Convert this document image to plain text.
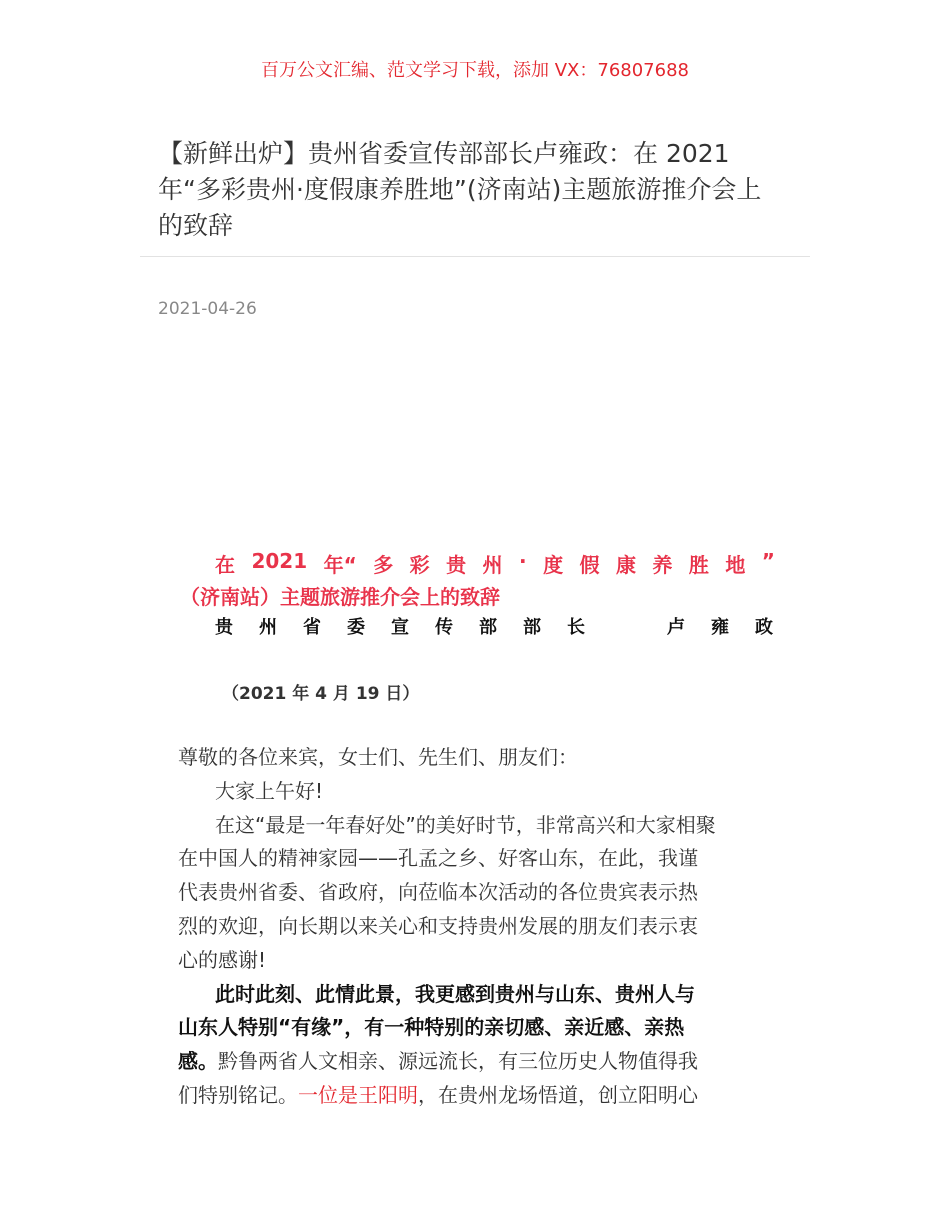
百万公文汇编、范文学习下载，添加 VX：76807688
【新鲜出炉】贵州省委宣传部部长卢雍政：在 2021
年“多彩贵州·度假康养胜地”(济南站)主题旅游推介会上
的致辞
2021-04-26
在 2021 年“ 多 彩 贵 州 · 度 假 康 养 胜 地 ”
（济南站）主题旅游推介会上的致辞
贵 州 省 委 宣 传 部 部 长	卢 雍 政
（2021 年 4 月 19 日）
尊敬的各位来宾，女士们、先生们、朋友们：
大家上午好!
在这“最是一年春好处”的美好时节，非常高兴和大家相聚
在中国人的精神家园——孔孟之乡、好客山东，在此，我谨
代表贵州省委、省政府，向莅临本次活动的各位贵宾表示热
烈的欢迎，向长期以来关心和支持贵州发展的朋友们表示衷
心的感谢!
此时此刻、此情此景，我更感到贵州与山东、贵州人与
山东人特别“有缘”，有一种特别的亲切感、亲近感、亲热
感。黔鲁两省人文相亲、源远流长，有三位历史人物值得我
们特别铭记。一位是王阳明，在贵州龙场悟道，创立阳明心
